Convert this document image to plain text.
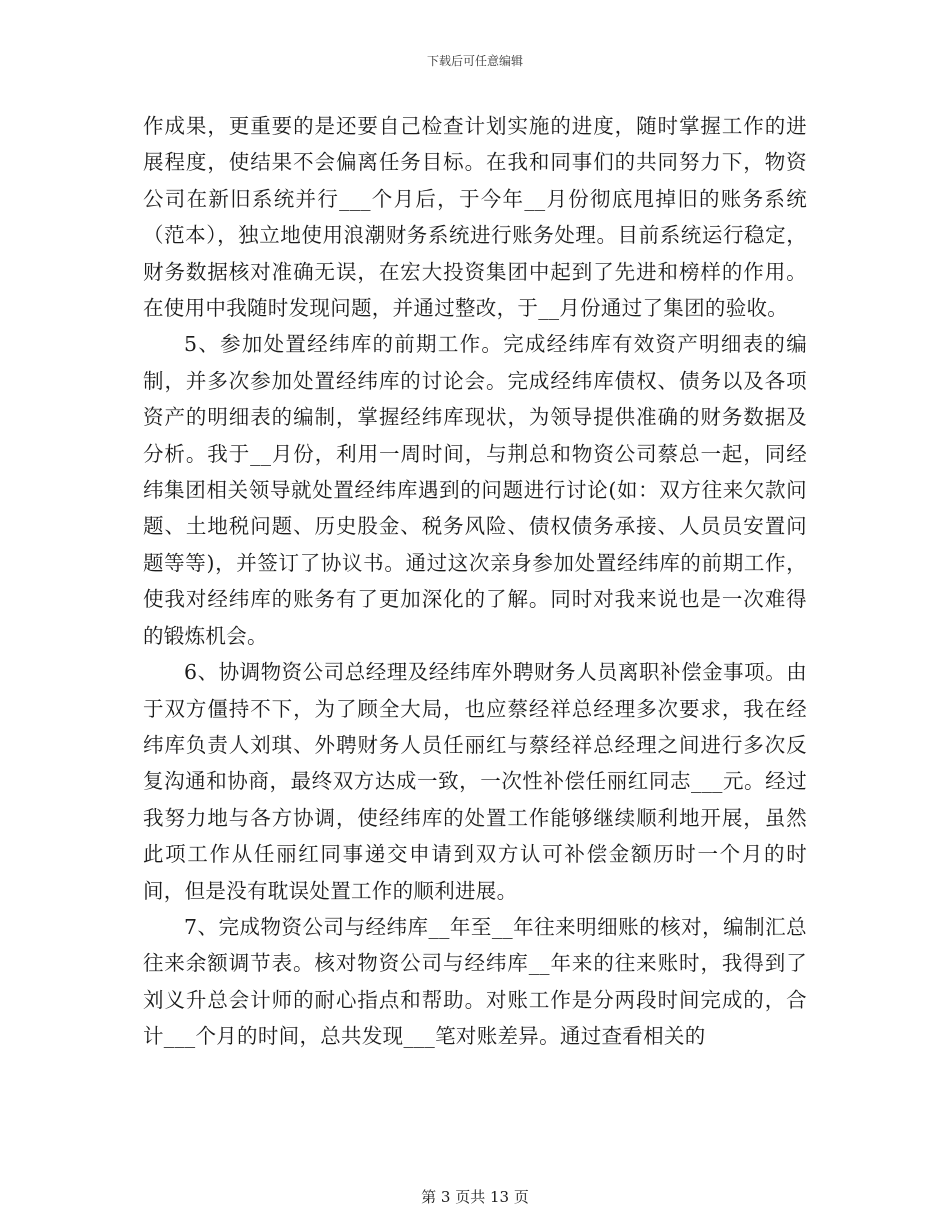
下载后可任意编辑

作成果，更重要的是还要自己检查计划实施的进度，随时掌握工作的进展程度，使结果不会偏离任务目标。在我和同事们的共同努力下，物资公司在新旧系统并行___个月后，于今年__月份彻底甩掉旧的账务系统（范本），独立地使用浪潮财务系统进行账务处理。目前系统运行稳定，财务数据核对准确无误，在宏大投资集团中起到了先进和榜样的作用。在使用中我随时发现问题，并通过整改，于__月份通过了集团的验收。

5、参加处置经纬库的前期工作。完成经纬库有效资产明细表的编制，并多次参加处置经纬库的讨论会。完成经纬库债权、债务以及各项资产的明细表的编制，掌握经纬库现状，为领导提供准确的财务数据及分析。我于__月份，利用一周时间，与荆总和物资公司蔡总一起，同经纬集团相关领导就处置经纬库遇到的问题进行讨论(如：双方往来欠款问题、土地税问题、历史股金、税务风险、债权债务承接、人员员安置问题等等)，并签订了协议书。通过这次亲身参加处置经纬库的前期工作，使我对经纬库的账务有了更加深化的了解。同时对我来说也是一次难得的锻炼机会。

6、协调物资公司总经理及经纬库外聘财务人员离职补偿金事项。由于双方僵持不下，为了顾全大局，也应蔡经祥总经理多次要求，我在经纬库负责人刘琪、外聘财务人员任丽红与蔡经祥总经理之间进行多次反复沟通和协商，最终双方达成一致，一次性补偿任丽红同志___元。经过我努力地与各方协调，使经纬库的处置工作能够继续顺利地开展，虽然此项工作从任丽红同事递交申请到双方认可补偿金额历时一个月的时间，但是没有耽误处置工作的顺利进展。

7、完成物资公司与经纬库__年至__年往来明细账的核对，编制汇总往来余额调节表。核对物资公司与经纬库__年来的往来账时，我得到了刘义升总会计师的耐心指点和帮助。对账工作是分两段时间完成的，合计___个月的时间，总共发现___笔对账差异。通过查看相关的

第 3 页共 13 页
